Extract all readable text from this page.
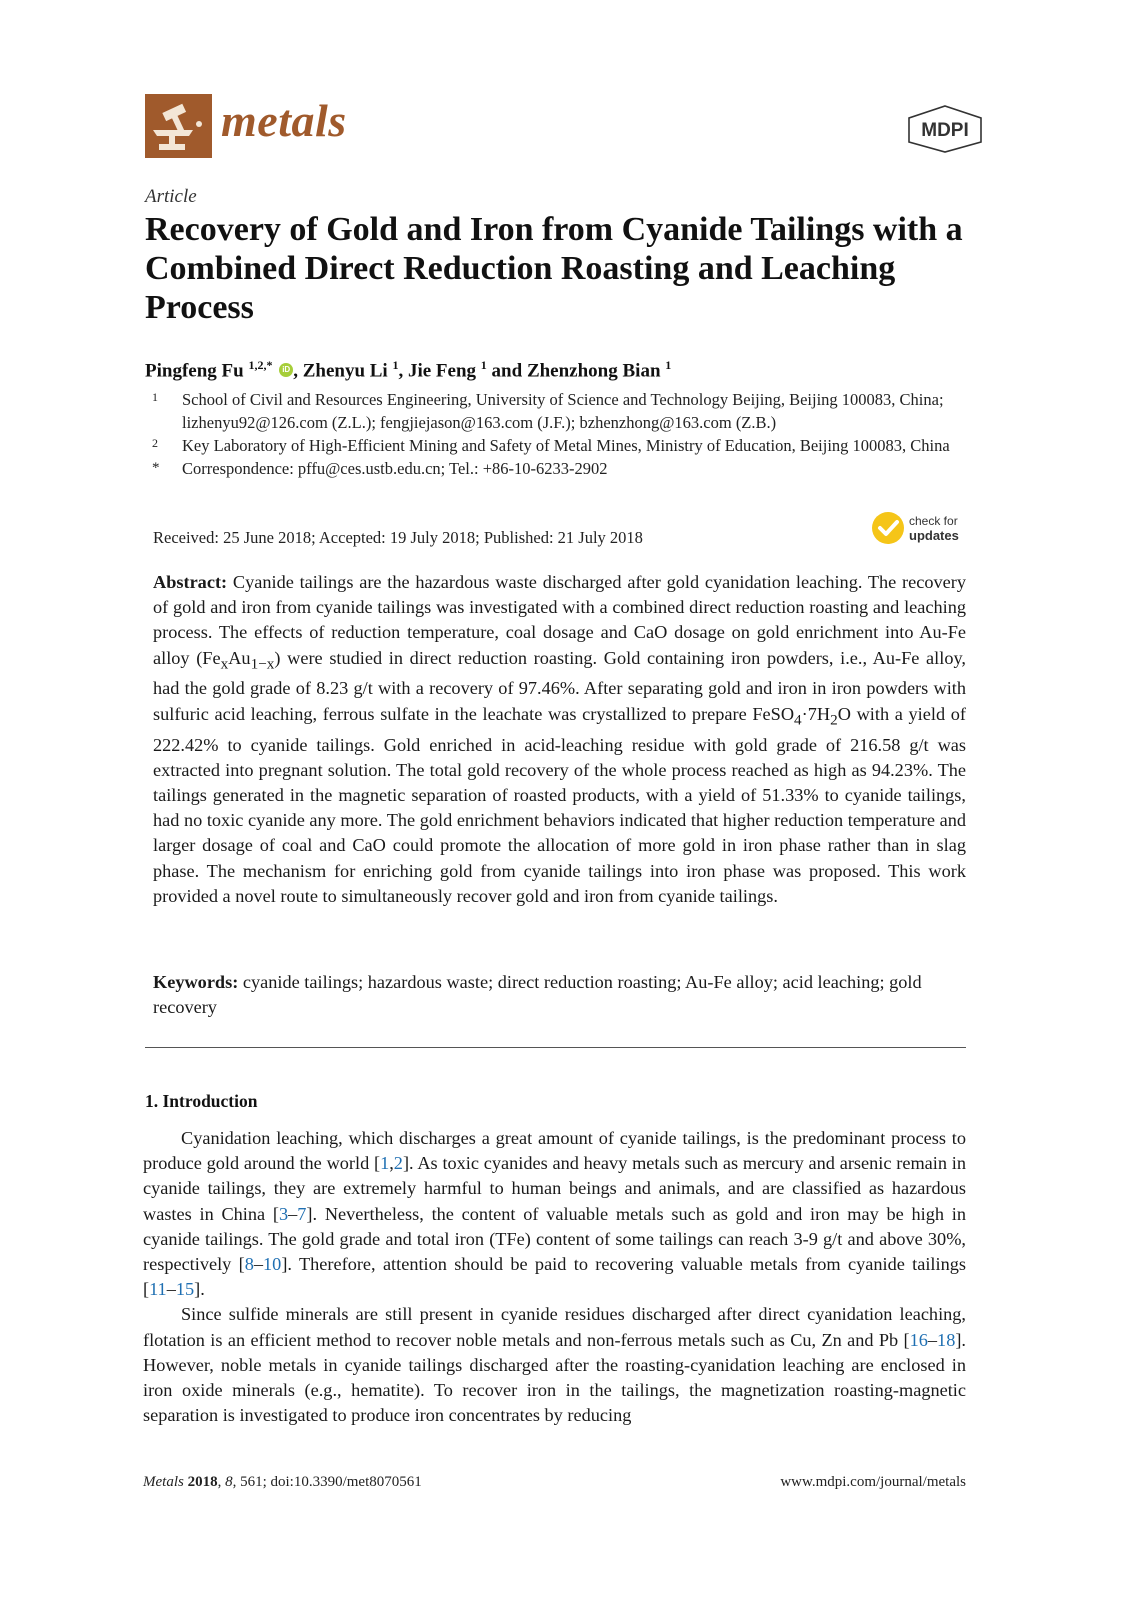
metals	MDPI
Article
Recovery of Gold and Iron from Cyanide Tailings with a Combined Direct Reduction Roasting and Leaching Process
Pingfeng Fu $^{1,2,*}$ iD , Zhenyu Li $^1$, Jie Feng $^1$ and Zhenzhong Bian $^1$
1 School of Civil and Resources Engineering, University of Science and Technology Beijing, Beijing 100083, China; lizhenyu92@126.com (Z.L.); fengjiejason@163.com (J.F.); bzhenzhong@163.com (Z.B.)
2 Key Laboratory of High-Efficient Mining and Safety of Metal Mines, Ministry of Education, Beijing 100083, China
* Correspondence: pffu@ces.ustb.edu.cn; Tel.: +86-10-6233-2902
Received: 25 June 2018; Accepted: 19 July 2018; Published: 21 July 2018
check for
updates
Abstract: Cyanide tailings are the hazardous waste discharged after gold cyanidation leaching. The recovery of gold and iron from cyanide tailings was investigated with a combined direct reduction roasting and leaching process. The effects of reduction temperature, coal dosage and CaO dosage on gold enrichment into Au-Fe alloy $(Fe_xAu_{1-x})$ were studied in direct reduction roasting. Gold containing iron powders, i.e., Au-Fe alloy, had the gold grade of 8.23 g/t with a recovery of 97.46%. After separating gold and iron in iron powders with sulfuric acid leaching, ferrous sulfate in the leachate was crystallized to prepare $FeSO_4\cdot 7H_2O$ with a yield of 222.42% to cyanide tailings. Gold enriched in acid-leaching residue with gold grade of 216.58 g/t was extracted into pregnant solution. The total gold recovery of the whole process reached as high as 94.23%. The tailings generated in the magnetic separation of roasted products, with a yield of 51.33% to cyanide tailings, had no toxic cyanide any more. The gold enrichment behaviors indicated that higher reduction temperature and larger dosage of coal and CaO could promote the allocation of more gold in iron phase rather than in slag phase. The mechanism for enriching gold from cyanide tailings into iron phase was proposed. This work provided a novel route to simultaneously recover gold and iron from cyanide tailings.
Keywords: cyanide tailings; hazardous waste; direct reduction roasting; Au-Fe alloy; acid leaching; gold recovery
1. Introduction

Cyanidation leaching, which discharges a great amount of cyanide tailings, is the predominant process to produce gold around the world [1,2]. As toxic cyanides and heavy metals such as mercury and arsenic remain in cyanide tailings, they are extremely harmful to human beings and animals, and are classified as hazardous wastes in China [3–7]. Nevertheless, the content of valuable metals such as gold and iron may be high in cyanide tailings. The gold grade and total iron (TFe) content of some tailings can reach 3-9 g/t and above 30%, respectively [8–10]. Therefore, attention should be paid to recovering valuable metals from cyanide tailings [11–15].

Since sulfide minerals are still present in cyanide residues discharged after direct cyanidation leaching, flotation is an efficient method to recover noble metals and non-ferrous metals such as Cu, Zn and Pb [16–18]. However, noble metals in cyanide tailings discharged after the roasting-cyanidation leaching are enclosed in iron oxide minerals (e.g., hematite). To recover iron in the tailings, the magnetization roasting-magnetic separation is investigated to produce iron concentrates by reducing

Metals 2018, 8, 561; doi:10.3390/met8070561	www.mdpi.com/journal/metals
